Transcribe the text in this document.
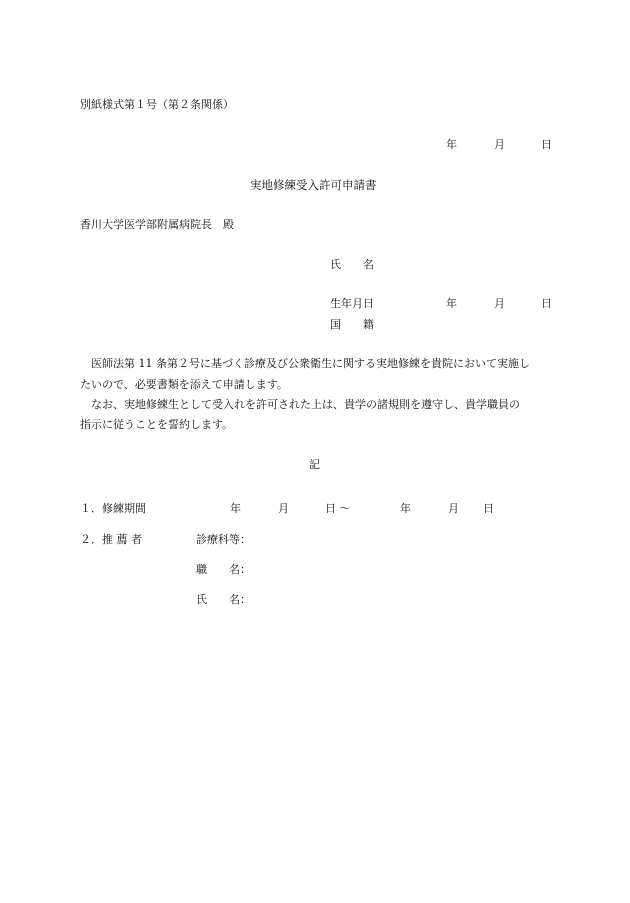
別紙様式第１号（第２条関係）
年	月	日
実地修練受入許可申請書
香川大学医学部附属病院長　殿
氏　　名
生年月日	年	月	日
国　　籍
　医師法第 11 条第２号に基づく診療及び公衆衛生に関する実地修練を貴院において実施し
たいので、必要書類を添えて申請します。
　なお、実地修練生として受入れを許可された上は、貴学の諸規則を遵守し、貴学職員の
指示に従うことを誓約します。
記
１．修練期間	年	月	日 〜	年	月 日
２．推 薦 者	診療科等：
職　　名：
氏　　名：
